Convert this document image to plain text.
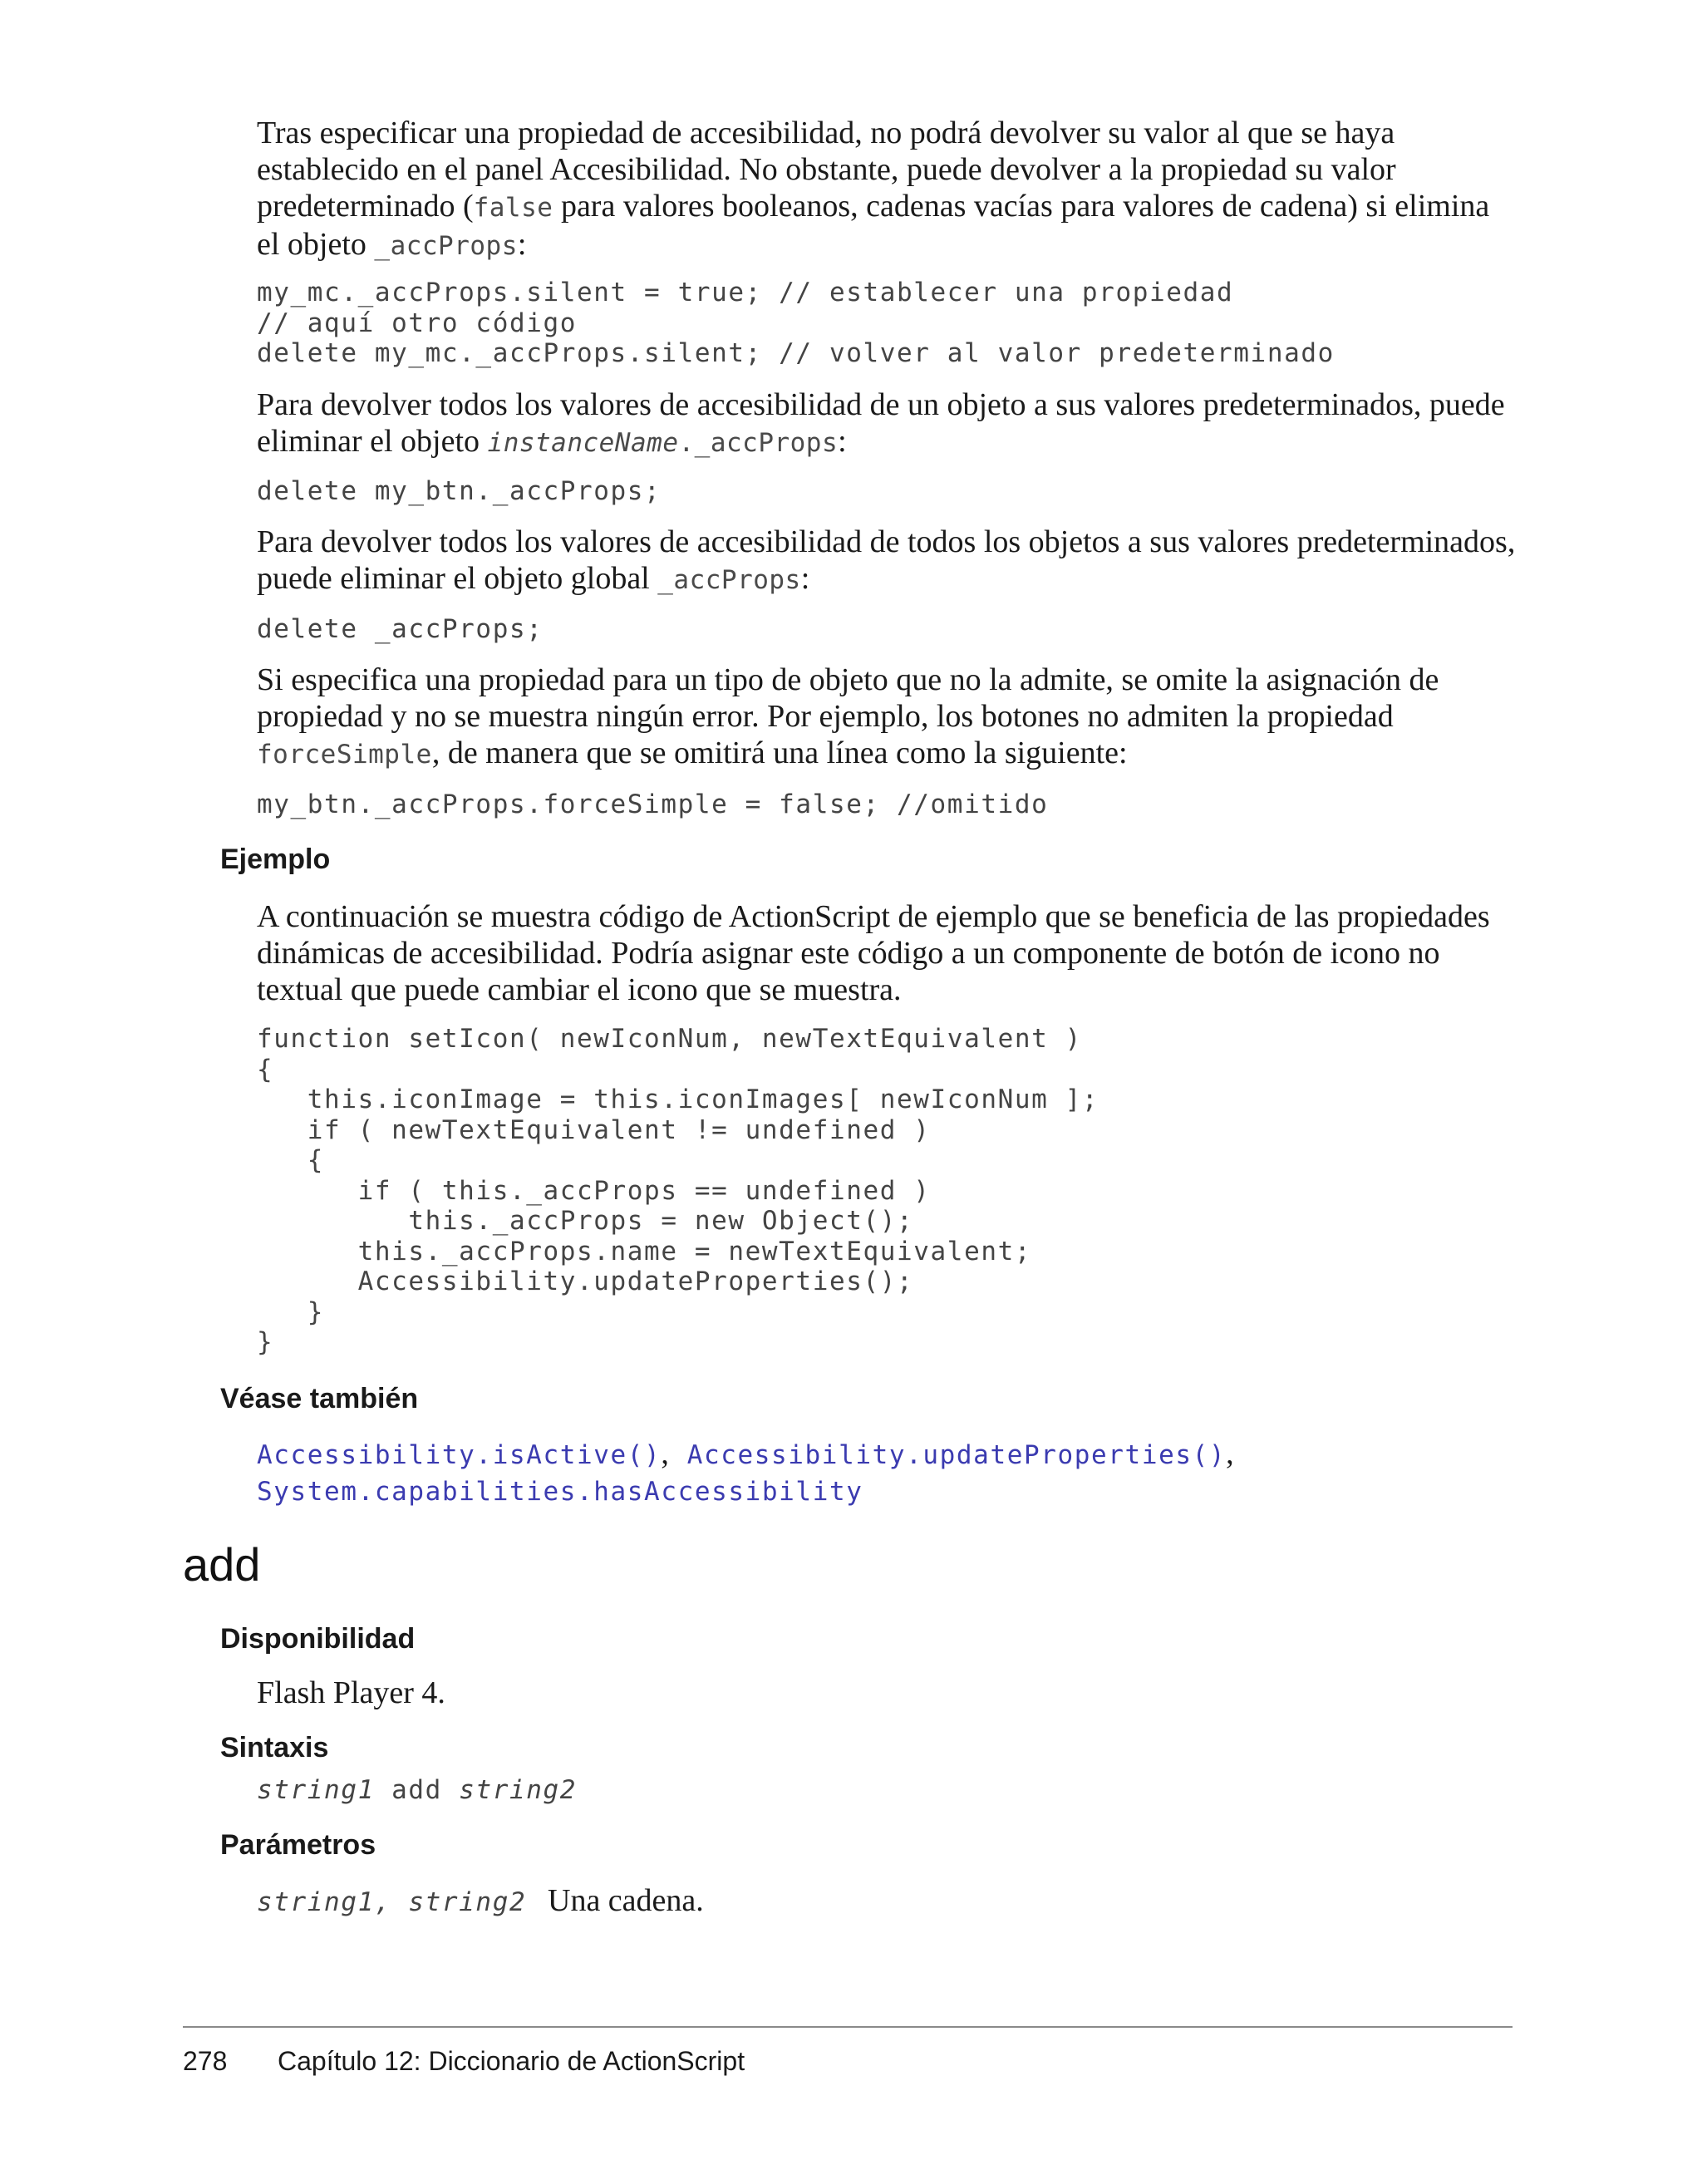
Tras especificar una propiedad de accesibilidad, no podrá devolver su valor al que se haya establecido en el panel Accesibilidad. No obstante, puede devolver a la propiedad su valor predeterminado (false para valores booleanos, cadenas vacías para valores de cadena) si elimina el objeto _accProps:

my_mc._accProps.silent = true; // establecer una propiedad
// aquí otro código
delete my_mc._accProps.silent; // volver al valor predeterminado

Para devolver todos los valores de accesibilidad de un objeto a sus valores predeterminados, puede eliminar el objeto instanceName._accProps:

delete my_btn._accProps;

Para devolver todos los valores de accesibilidad de todos los objetos a sus valores predeterminados, puede eliminar el objeto global _accProps:

delete _accProps;

Si especifica una propiedad para un tipo de objeto que no la admite, se omite la asignación de propiedad y no se muestra ningún error. Por ejemplo, los botones no admiten la propiedad forceSimple, de manera que se omitirá una línea como la siguiente:

my_btn._accProps.forceSimple = false; //omitido
Ejemplo

A continuación se muestra código de ActionScript de ejemplo que se beneficia de las propiedades dinámicas de accesibilidad. Podría asignar este código a un componente de botón de icono no textual que puede cambiar el icono que se muestra.

function setIcon( newIconNum, newTextEquivalent )
{
this.iconImage = this.iconImages[ newIconNum ];
if ( newTextEquivalent != undefined )
{
if ( this._accProps == undefined )
this._accProps = new Object();
this._accProps.name = newTextEquivalent;
Accessibility.updateProperties();
}
}
Véase también
Accessibility.isActive(), Accessibility.updateProperties(),
System.capabilities.hasAccessibility
add
Disponibilidad

Flash Player 4.

Sintaxis
string1 add string2
Parámetros
string1, string2 Una cadena.
278 Capítulo 12: Diccionario de ActionScript
